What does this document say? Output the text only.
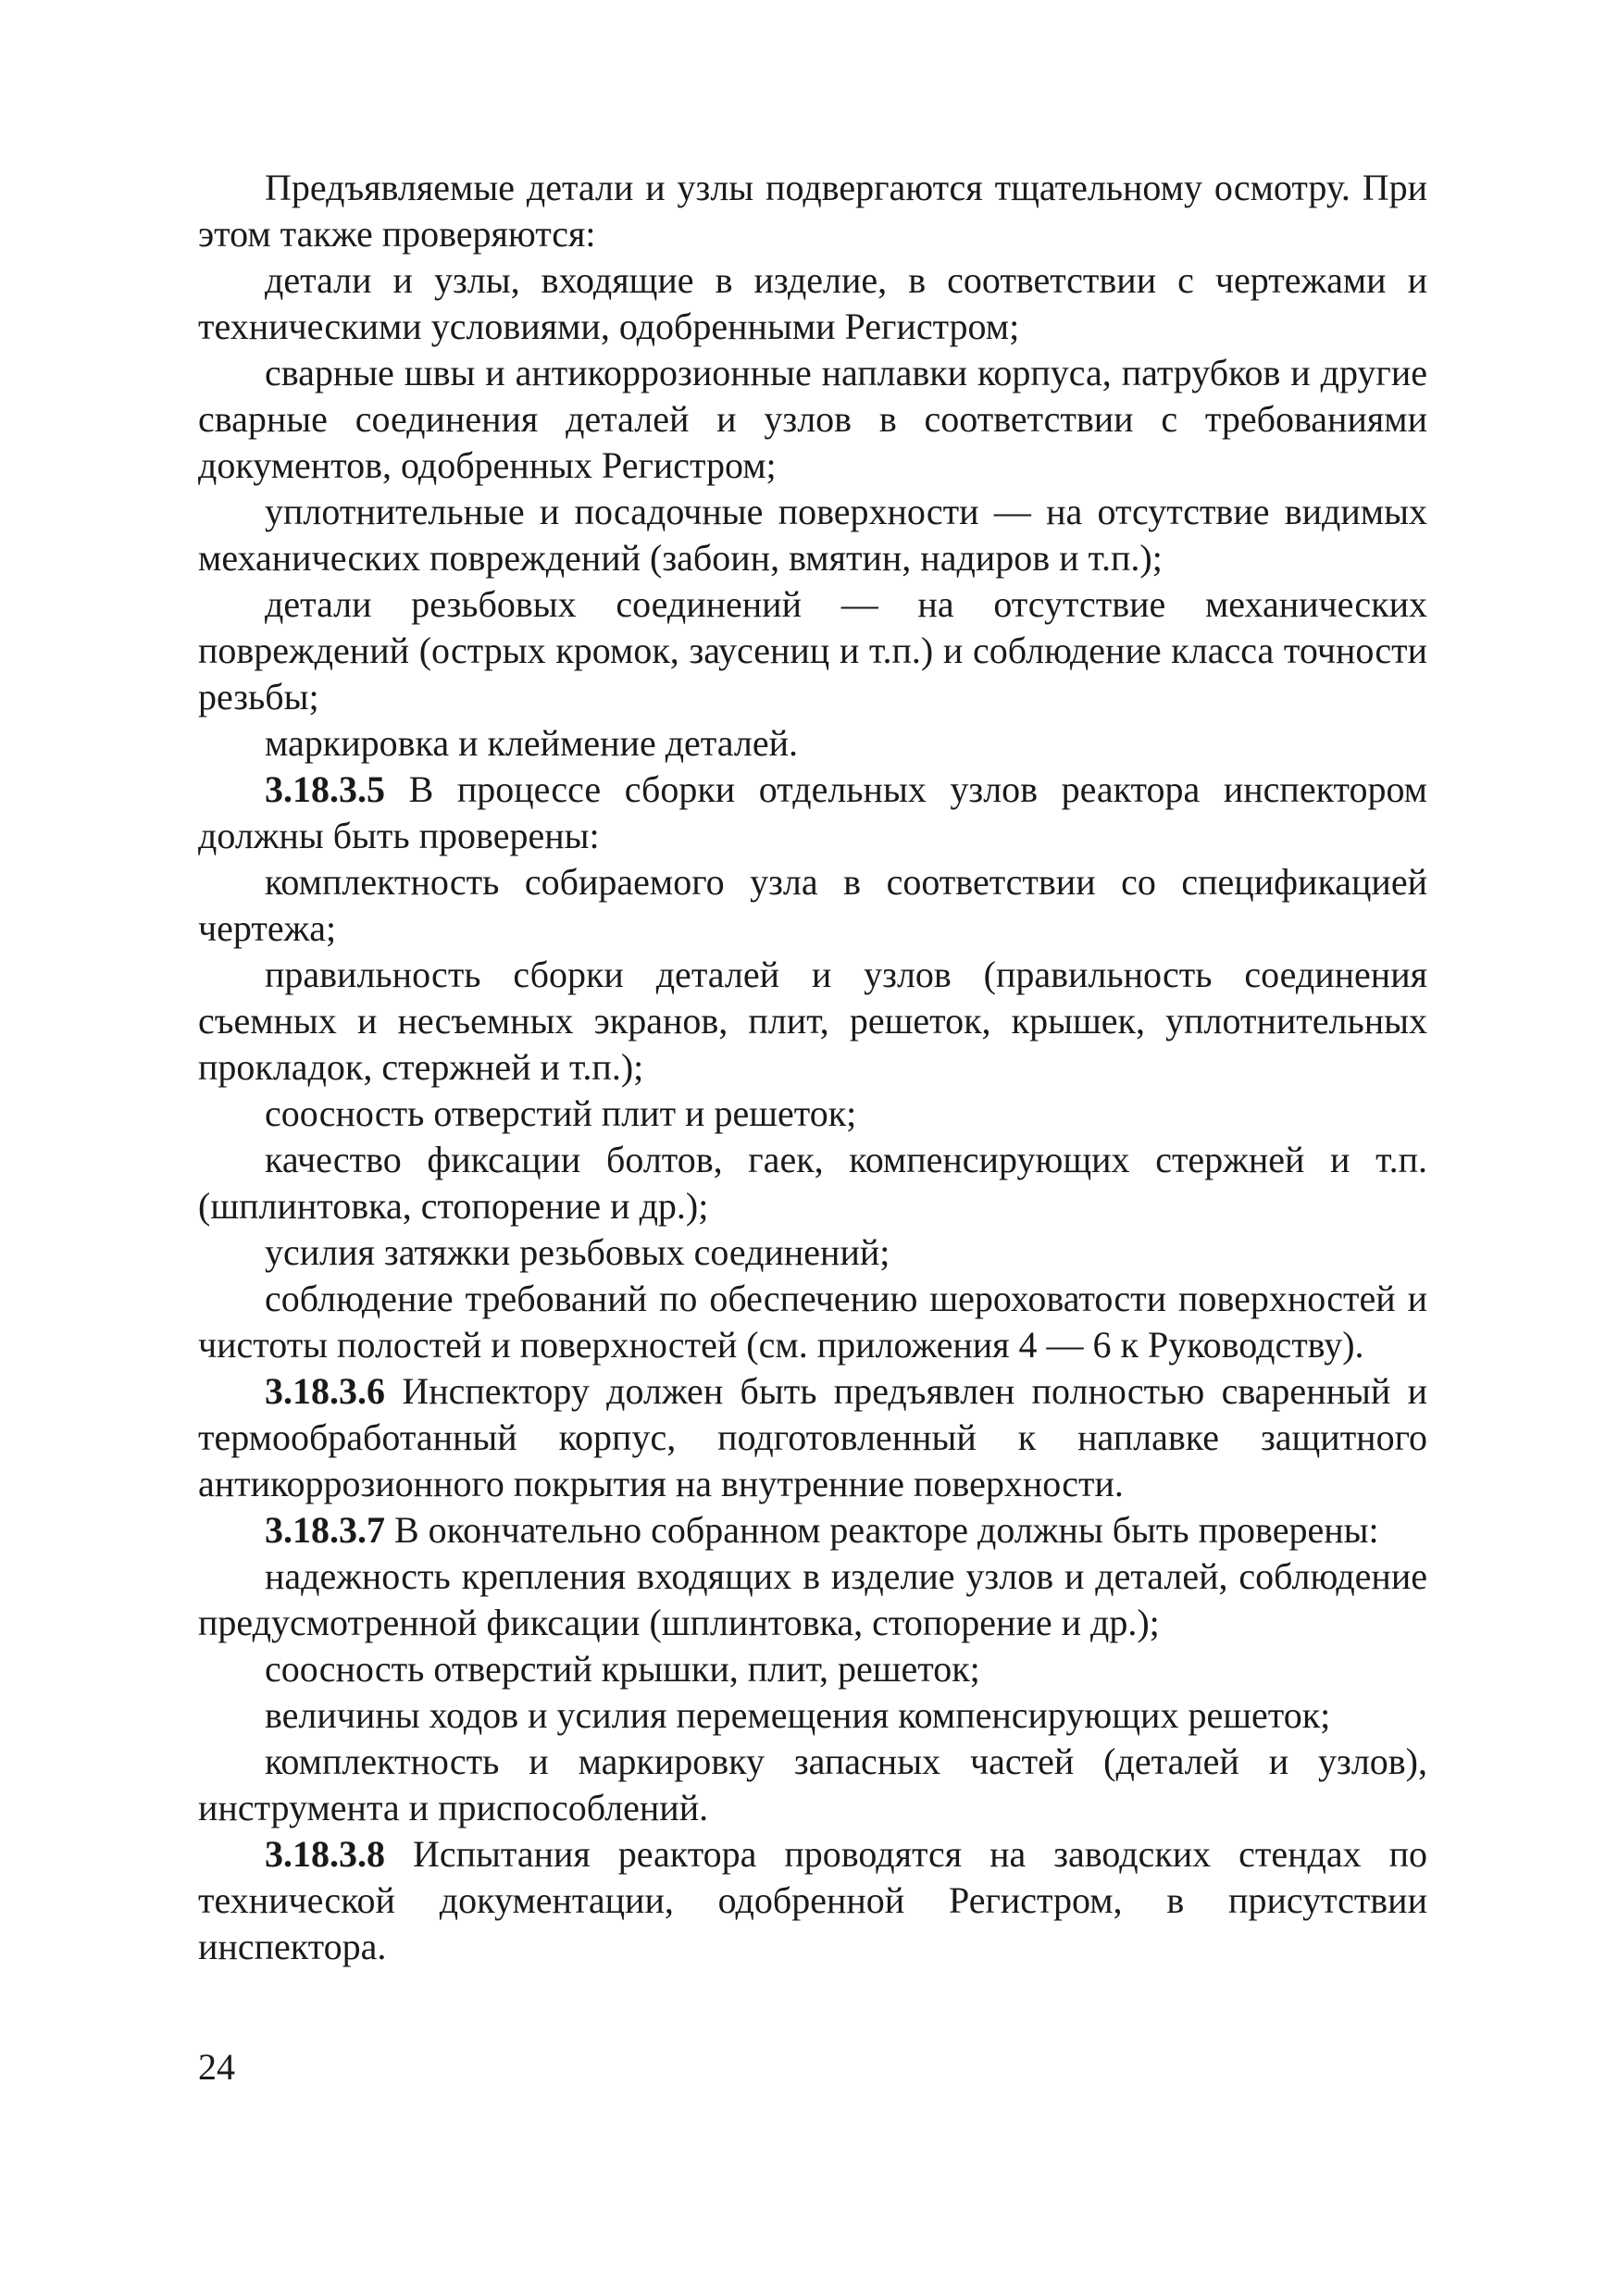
Предъявляемые детали и узлы подвергаются тщательному осмотру. При этом также проверяются:

детали и узлы, входящие в изделие, в соответствии с чертежами и техническими условиями, одобренными Регистром;

сварные швы и антикоррозионные наплавки корпуса, патрубков и другие сварные соединения деталей и узлов в соответствии с требованиями документов, одобренных Регистром;

уплотнительные и посадочные поверхности — на отсутствие видимых механических повреждений (забоин, вмятин, надиров и т.п.);

детали резьбовых соединений — на отсутствие механических повреждений (острых кромок, заусениц и т.п.) и соблюдение класса точности резьбы;

маркировка и клеймение деталей.

3.18.3.5 В процессе сборки отдельных узлов реактора инспектором должны быть проверены:

комплектность собираемого узла в соответствии со спецификацией чертежа;

правильность сборки деталей и узлов (правильность соединения съемных и несъемных экранов, плит, решеток, крышек, уплотнительных прокладок, стержней и т.п.);

соосность отверстий плит и решеток;

качество фиксации болтов, гаек, компенсирующих стержней и т.п. (шплинтовка, стопорение и др.);

усилия затяжки резьбовых соединений;

соблюдение требований по обеспечению шероховатости поверхностей и чистоты полостей и поверхностей (см. приложения 4 — 6 к Руководству).

3.18.3.6 Инспектору должен быть предъявлен полностью сваренный и термообработанный корпус, подготовленный к наплавке защитного антикоррозионного покрытия на внутренние поверхности.

3.18.3.7 В окончательно собранном реакторе должны быть проверены:

надежность крепления входящих в изделие узлов и деталей, соблюдение предусмотренной фиксации (шплинтовка, стопорение и др.);

соосность отверстий крышки, плит, решеток;

величины ходов и усилия перемещения компенсирующих решеток;

комплектность и маркировку запасных частей (деталей и узлов), инструмента и приспособлений.

3.18.3.8 Испытания реактора проводятся на заводских стендах по технической документации, одобренной Регистром, в присутствии инспектора.

24
